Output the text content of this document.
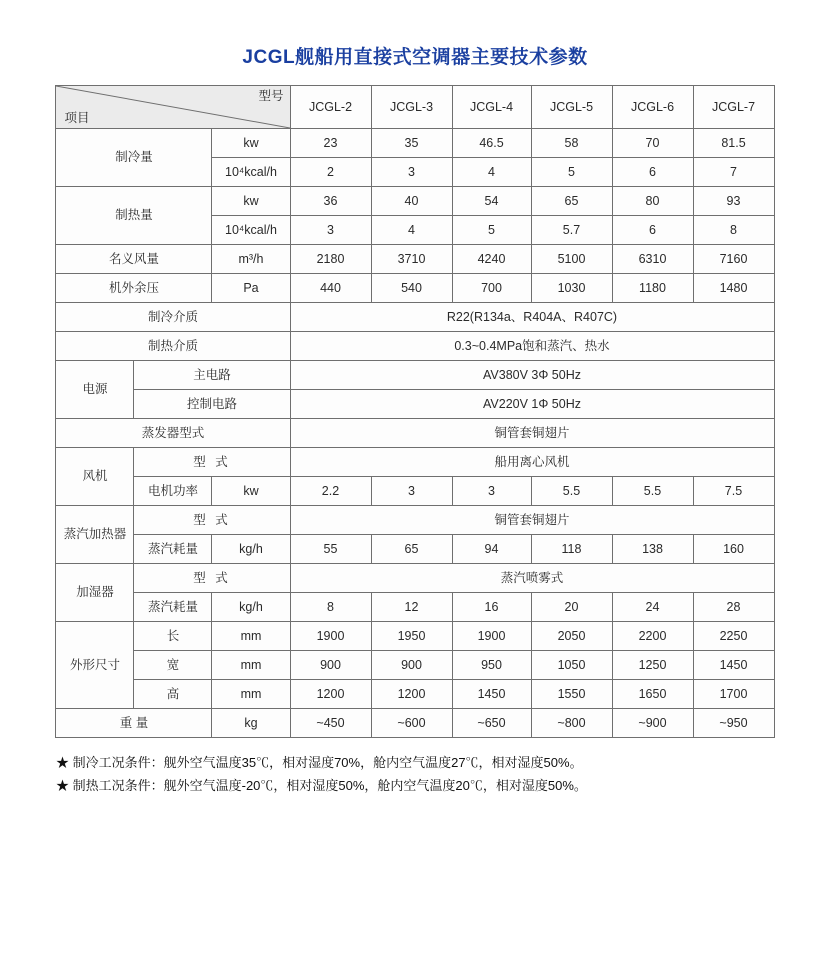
JCGL舰船用直接式空调器主要技术参数
项目
型号			JCGL-2	JCGL-3	JCGL-4	JCGL-5	JCGL-6	JCGL-7
制冷量		kw	23	35	46.5	58	70	81.5
		10⁴kcal/h	2	3	4	5	6	7
制热量		kw	36	40	54	65	80	93
		10⁴kcal/h	3	4	5	5.7	6	8
名义风量		m³/h	2180	3710	4240	5100	6310	7160
机外余压		Pa	440	540	700	1030	1180	1480
制冷介质			R22(R134a、R404A、R407C)					
制热介质			0.3~0.4MPa饱和蒸汽、热水					
电源	主电路		AV380V 3Φ 50Hz					
	控制电路		AV220V 1Φ 50Hz					
蒸发器型式			铜管套铜翅片					
风机	型 式		船用离心风机					
	电机功率	kw	2.2	3	3	5.5	5.5	7.5
蒸汽加热器	型 式		铜管套铜翅片					
	蒸汽耗量	kg/h	55	65	94	118	138	160
加湿器	型 式		蒸汽喷雾式					
	蒸汽耗量	kg/h	8	12	16	20	24	28
外形尺寸	长	mm	1900	1950	1900	2050	2200	2250
	宽	mm	900	900	950	1050	1250	1450
	高	mm	1200	1200	1450	1550	1650	1700
重 量		kg	~450	~600	~650	~800	~900	~950
★ 制冷工况条件：舰外空气温度35℃，相对湿度70%，舱内空气温度27℃，相对湿度50%。
★ 制热工况条件：舰外空气温度-20℃，相对湿度50%，舱内空气温度20℃，相对湿度50%。
